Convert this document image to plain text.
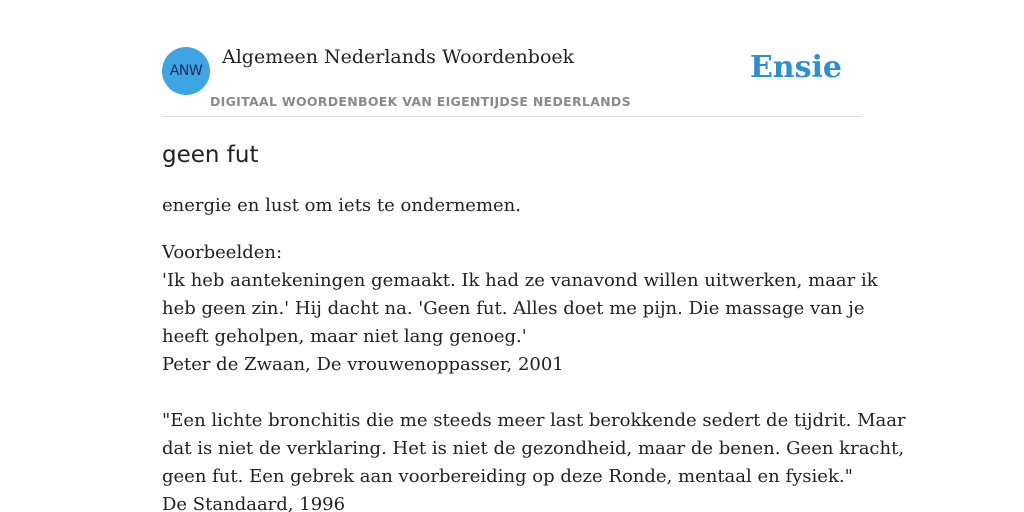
ANW
Algemeen Nederlands Woordenboek
DIGITAAL WOORDENBOEK VAN EIGENTIJDSE NEDERLANDS
Ensie
geen fut

energie en lust om iets te ondernemen.

Voorbeelden:
'Ik heb aantekeningen gemaakt. Ik had ze vanavond willen uitwerken, maar ik
heb geen zin.' Hij dacht na. 'Geen fut. Alles doet me pijn. Die massage van je
heeft geholpen, maar niet lang genoeg.'
Peter de Zwaan, De vrouwenoppasser, 2001
"Een lichte bronchitis die me steeds meer last berokkende sedert de tijdrit. Maar
dat is niet de verklaring. Het is niet de gezondheid, maar de benen. Geen kracht,
geen fut. Een gebrek aan voorbereiding op deze Ronde, mentaal en fysiek."
De Standaard, 1996
